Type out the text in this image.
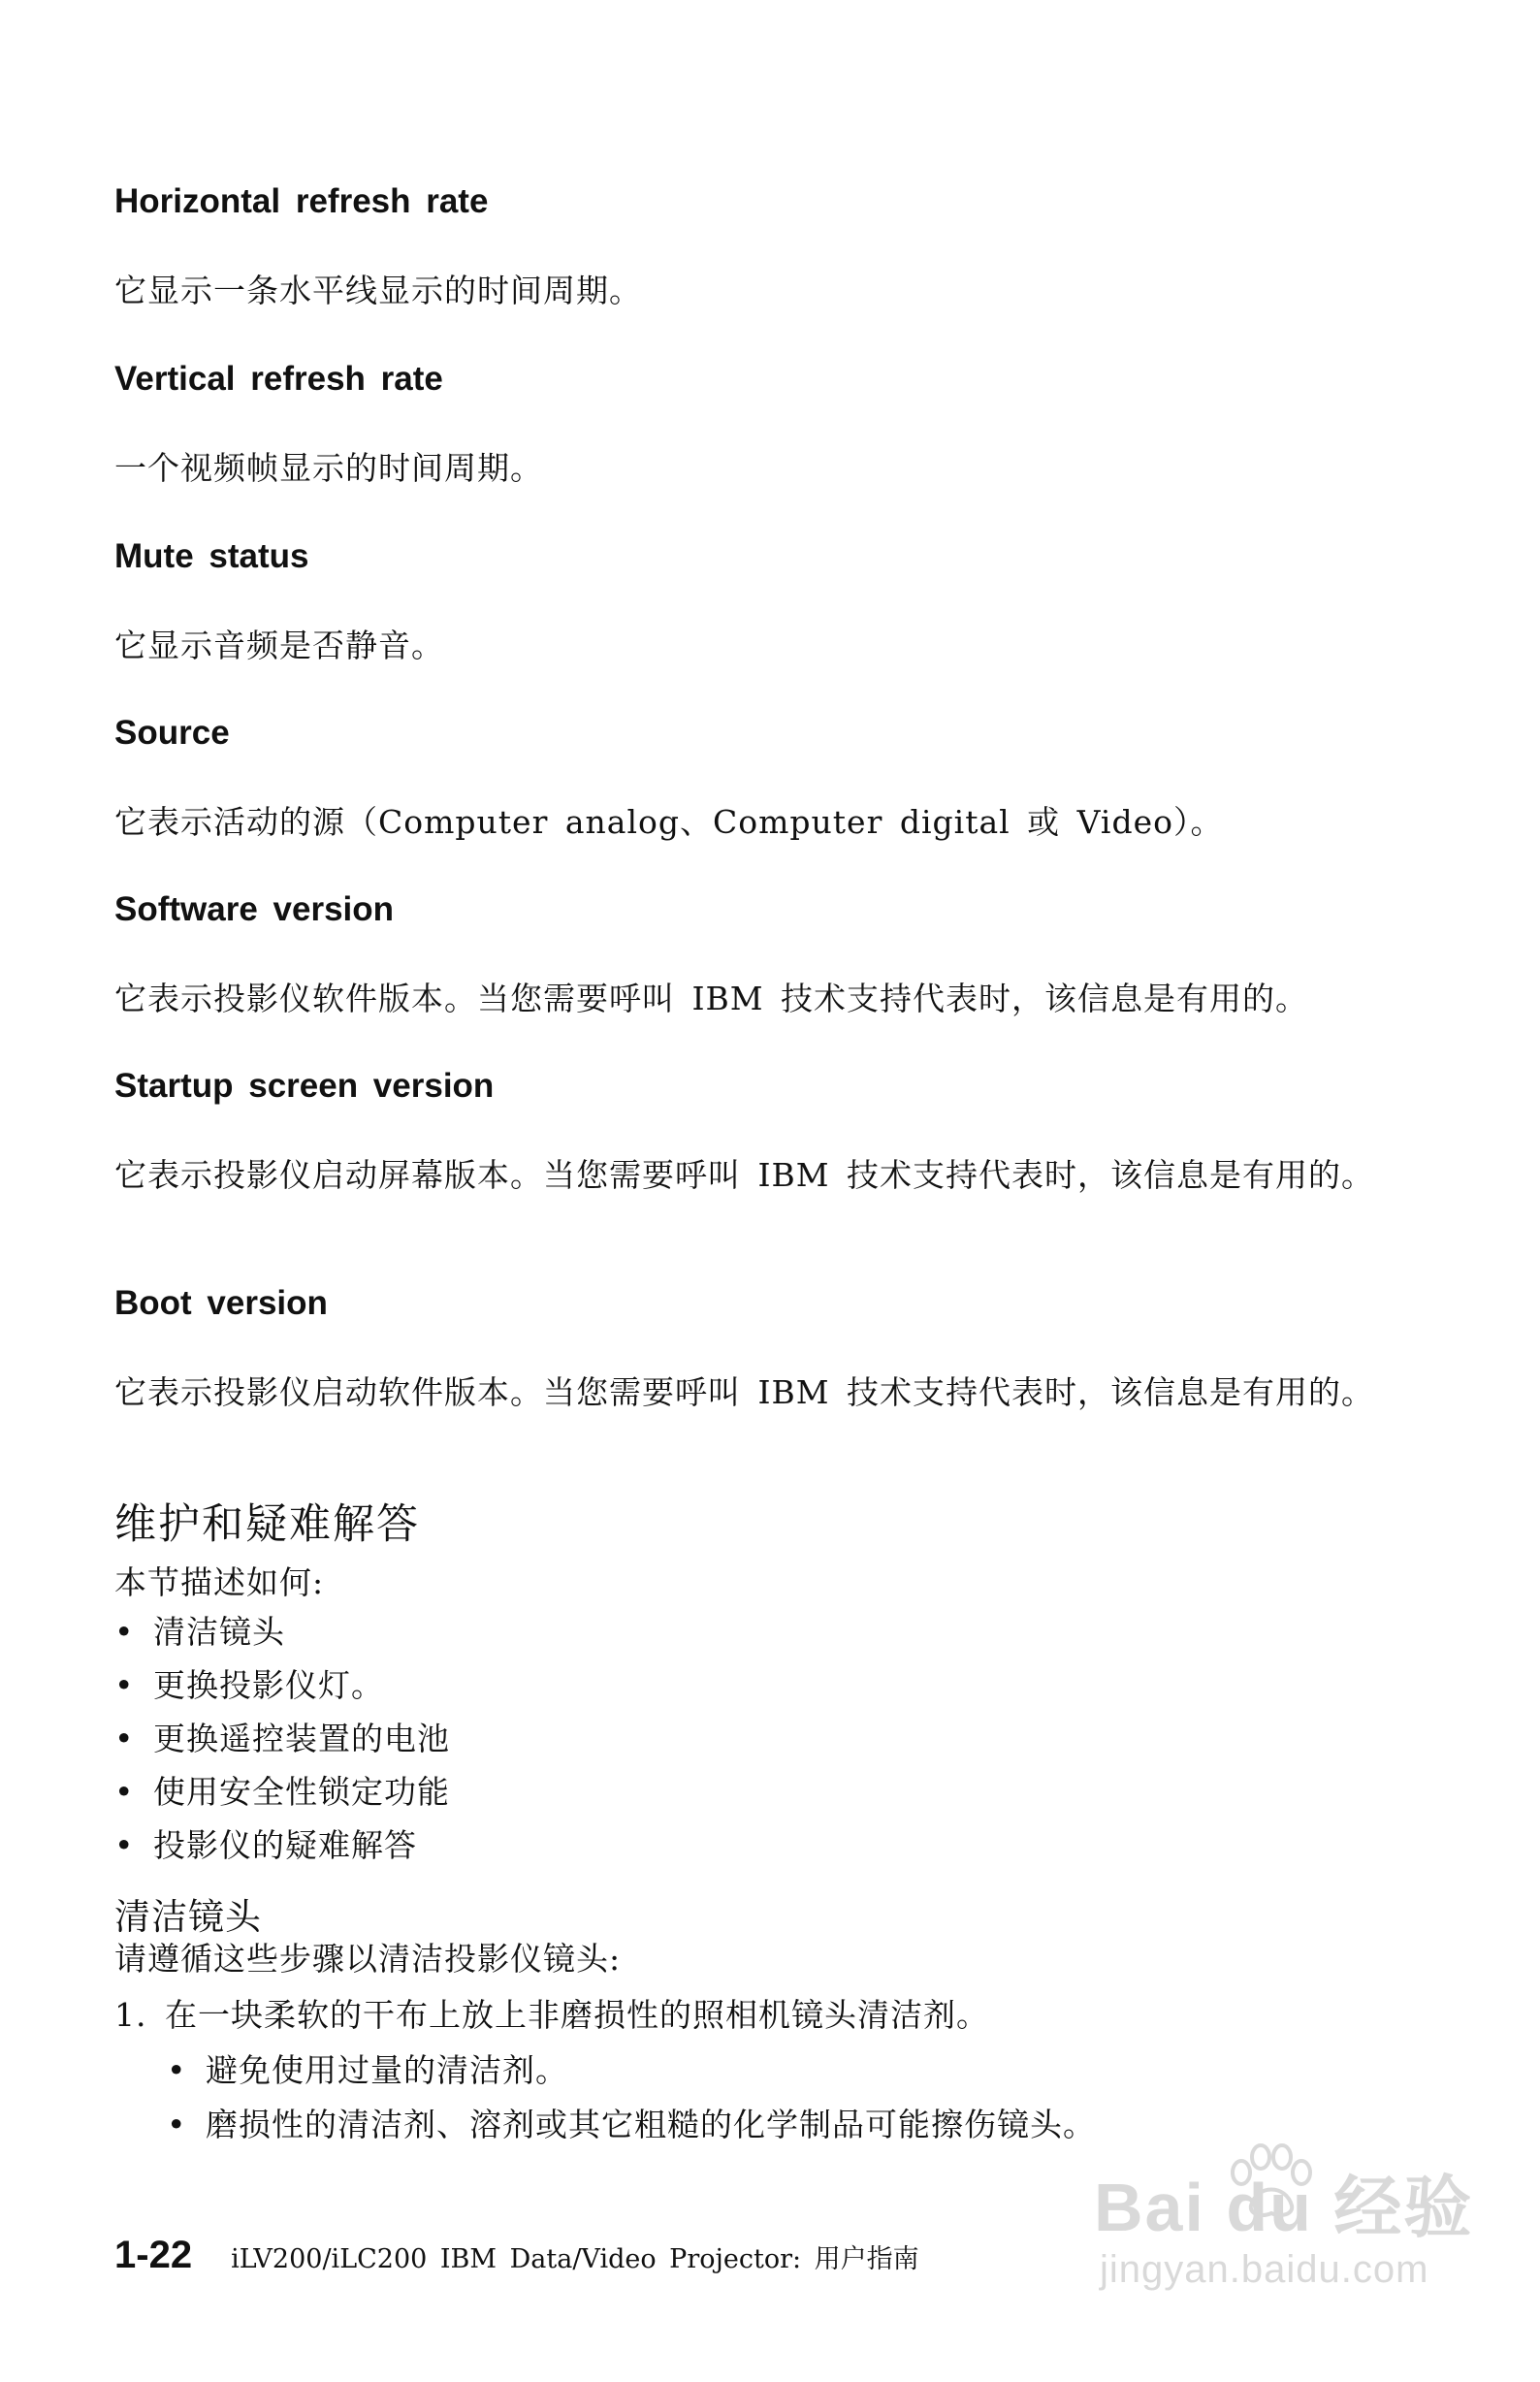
Horizontal refresh rate
它显示一条水平线显示的时间周期。
Vertical refresh rate
一个视频帧显示的时间周期。
Mute status
它显示音频是否静音。
Source
它表示活动的源（Computer analog、Computer digital 或 Video）。
Software version
它表示投影仪软件版本。当您需要呼叫 IBM 技术支持代表时，该信息是有用的。
Startup screen version
它表示投影仪启动屏幕版本。当您需要呼叫 IBM 技术支持代表时，该信息是有用的。
Boot version
它表示投影仪启动软件版本。当您需要呼叫 IBM 技术支持代表时，该信息是有用的。
维护和疑难解答
本节描述如何:
• 清洁镜头
• 更换投影仪灯。
• 更换遥控装置的电池
• 使用安全性锁定功能
• 投影仪的疑难解答
清洁镜头
请遵循这些步骤以清洁投影仪镜头:
1. 在一块柔软的干布上放上非磨损性的照相机镜头清洁剂。
• 避免使用过量的清洁剂。
• 磨损性的清洁剂、溶剂或其它粗糙的化学制品可能擦伤镜头。
1-22 iLV200/iLC200 IBM Data/Video Projector: 用户指南
Bai du 经验
jingyan.baidu.com
